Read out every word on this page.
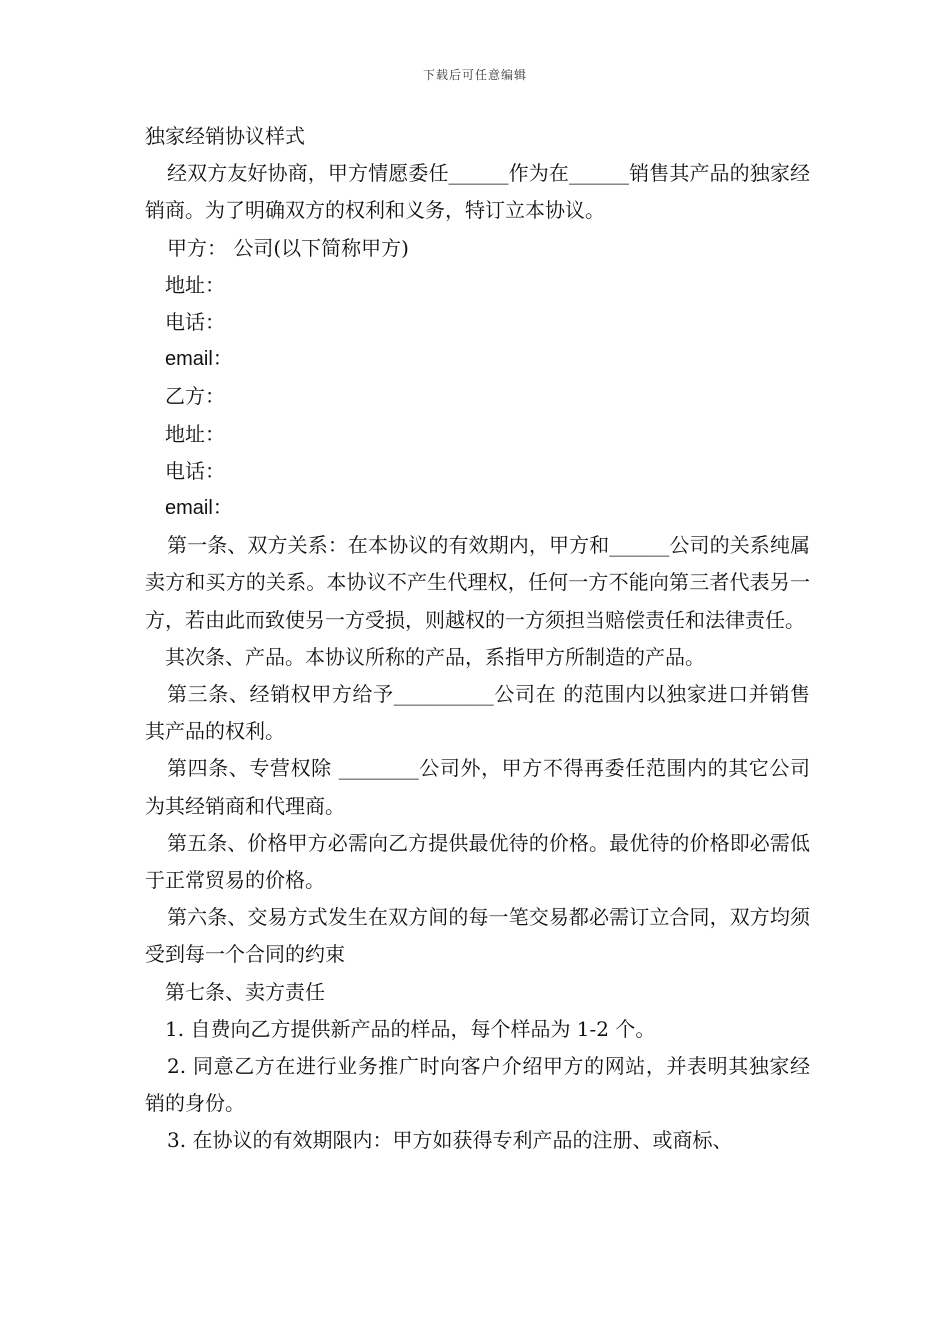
下载后可任意编辑

独家经销协议样式

经双方友好协商，甲方情愿委任______作为在______销售其产品的独家经销商。为了明确双方的权利和义务，特订立本协议。

甲方： 公司(以下简称甲方)

地址：

电话：

email：

乙方：

地址：

电话：

email：

第一条、双方关系：在本协议的有效期内，甲方和______公司的关系纯属卖方和买方的关系。本协议不产生代理权，任何一方不能向第三者代表另一方，若由此而致使另一方受损，则越权的一方须担当赔偿责任和法律责任。

其次条、产品。本协议所称的产品，系指甲方所制造的产品。

第三条、经销权甲方给予__________公司在 的范围内以独家进口并销售其产品的权利。

第四条、专营权除 ________公司外，甲方不得再委任范围内的其它公司为其经销商和代理商。

第五条、价格甲方必需向乙方提供最优待的价格。最优待的价格即必需低于正常贸易的价格。

第六条、交易方式发生在双方间的每一笔交易都必需订立合同，双方均须受到每一个合同的约束

第七条、卖方责任

1. 自费向乙方提供新产品的样品，每个样品为 1-2 个。

2. 同意乙方在进行业务推广时向客户介绍甲方的网站，并表明其独家经销的身份。

3. 在协议的有效期限内：甲方如获得专利产品的注册、或商标、
